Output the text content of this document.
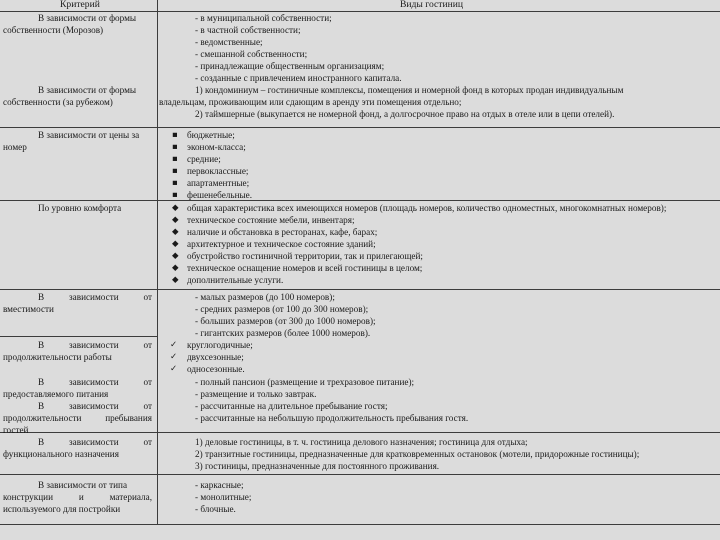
Критерий	Виды гостиниц
В зависимости от формы
собственности (Морозов)
- в муниципальной собственности;
- в частной собственности;
- ведомственные;
- смешанной собственности;
- принадлежащие общественным организациям;
- созданные с привлечением иностранного капитала.
В зависимости от формы
собственности (за рубежом)
1) кондоминиум – гостиничные комплексы, помещения и номерной фонд в которых продан индивидуальным
владельцам, проживающим или сдающим в аренду эти помещения отдельно;
2) таймшерные (выкупается не номерной фонд, а долгосрочное право на отдых в отеле или в цепи отелей).
В зависимости от цены за
номер
▪
▪
▪
▪
▪
▪
бюджетные;
эконом-класса;
средние;
первоклассные;
апартаментные;
фешенебельные.
По уровню комфорта	◆
◆
◆
◆
◆
◆
◆
общая характеристика всех имеющихся номеров (площадь номеров, количество одноместных, многокомнатных номеров);
техническое состояние мебели, инвентаря;
наличие и обстановка в ресторанах, кафе, барах;
архитектурное и техническое состояние зданий;
обустройство гостиничной территории, так и прилегающей;
техническое оснащение номеров и всей гостиницы в целом;
дополнительные услуги.
В зависимости от
вместимости
- малых размеров (до 100 номеров);
- средних размеров (от 100 до 300 номеров);
- больших размеров (от 300 до 1000 номеров);
- гигантских размеров (более 1000 номеров).
В зависимости от
продолжительности работы
✓
✓
✓
круглогодичные;
двухсезонные;
односезонные.
В зависимости от
предоставляемого питания
- полный пансион (размещение и трехразовое питание);
- размещение и только завтрак.
В зависимости от
продолжительности пребывания
гостей
- рассчитанные на длительное пребывание гостя;
- рассчитанные на небольшую продолжительность пребывания гостя.
В зависимости от
функционального назначения
1) деловые гостиницы, в т. ч. гостиница делового назначения; гостиница для отдыха;
2) транзитные гостиницы, предназначенные для кратковременных остановок (мотели, придорожные гостиницы);
3) гостиницы, предназначенные для постоянного проживания.
В зависимости от типа
конструкции и материала,
используемого для постройки
- каркасные;
- монолитные;
- блочные.
